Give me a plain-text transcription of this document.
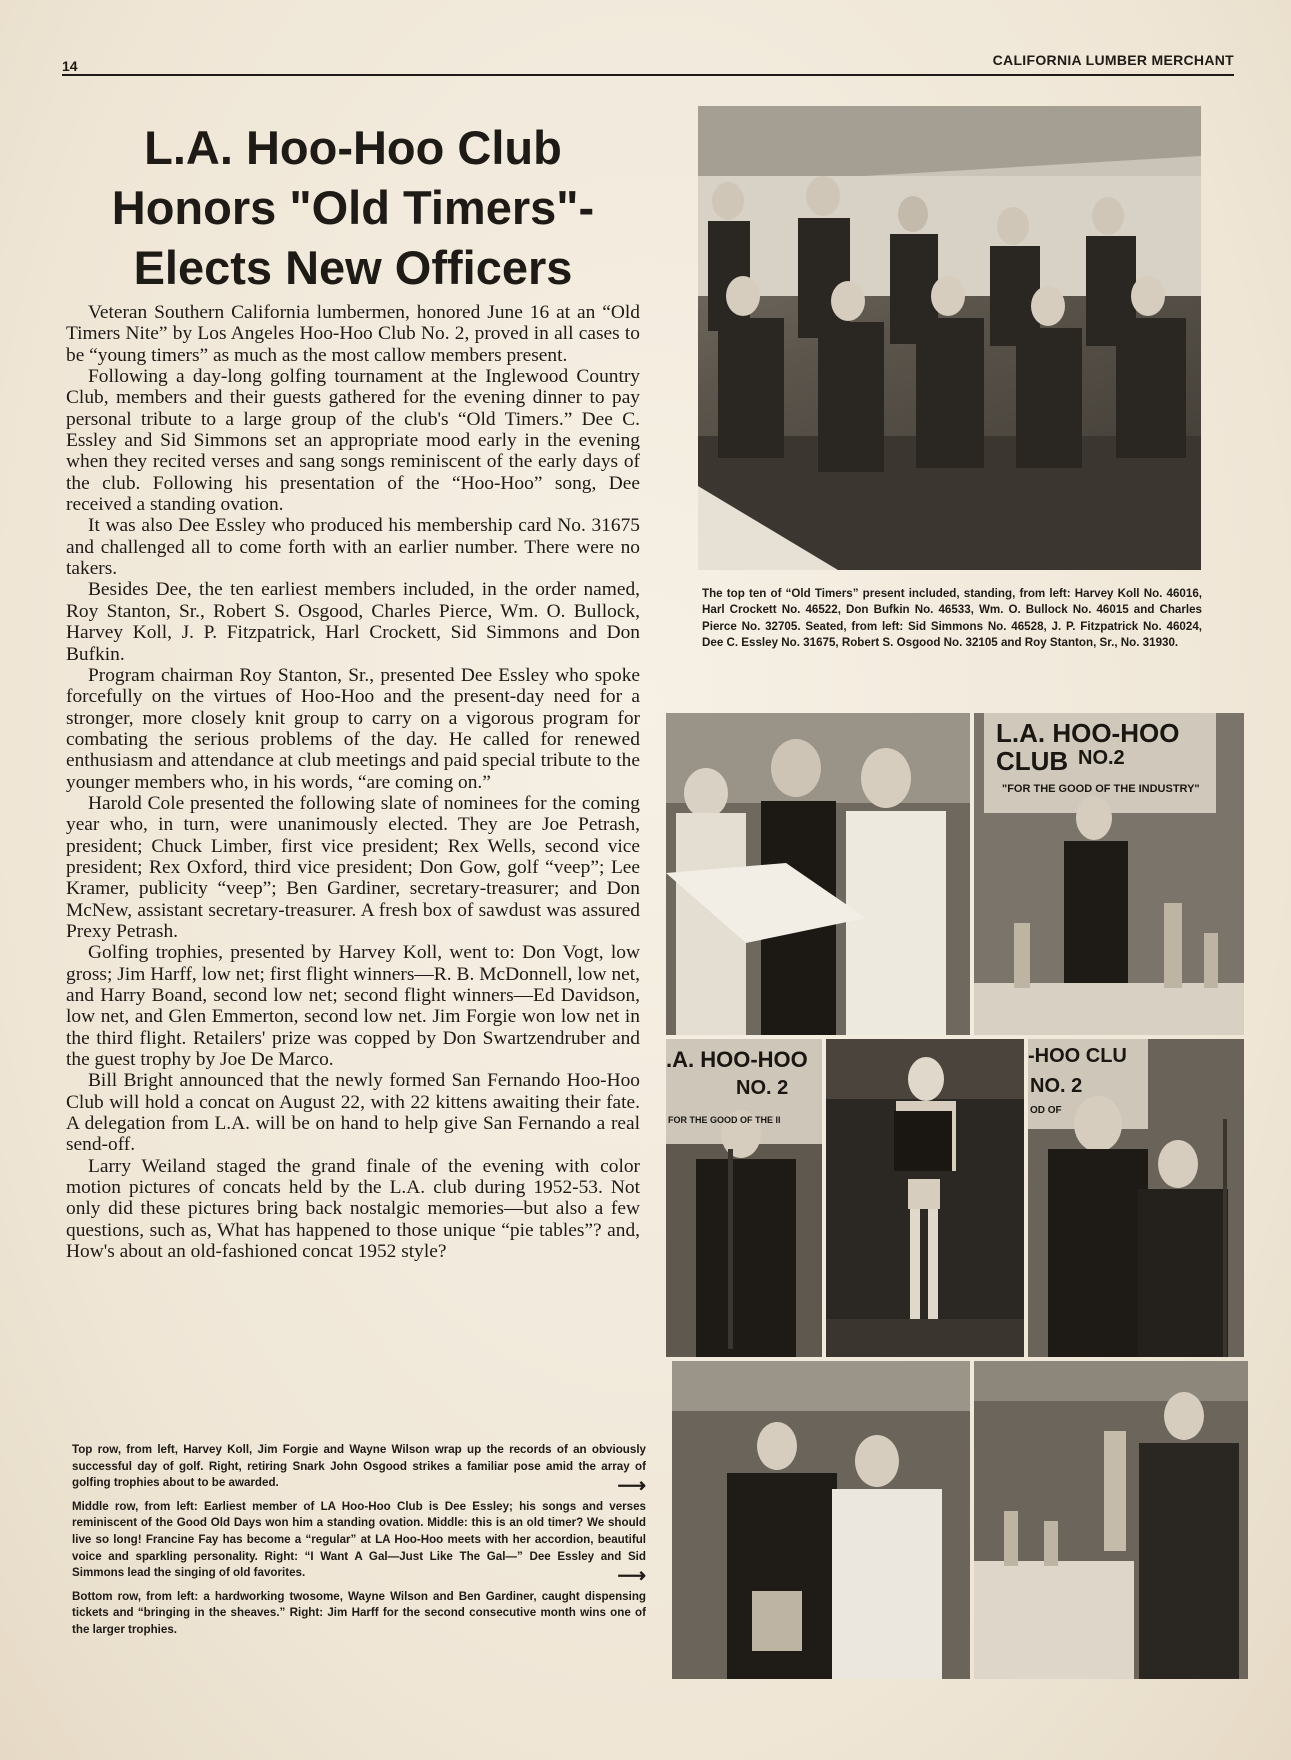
14	CALIFORNIA LUMBER MERCHANT
L.A. Hoo-Hoo Club
Honors "Old Timers"-
Elects New Officers

Veteran Southern California lumbermen, honored June 16 at an “Old Timers Nite” by Los Angeles Hoo-Hoo Club No. 2, proved in all cases to be “young timers” as much as the most callow members present.

Following a day-long golfing tournament at the Inglewood Country Club, members and their guests gathered for the evening dinner to pay personal tribute to a large group of the club's “Old Timers.” Dee C. Essley and Sid Simmons set an appropriate mood early in the evening when they recited verses and sang songs reminiscent of the early days of the club. Following his presentation of the “Hoo-Hoo” song, Dee received a standing ovation.

It was also Dee Essley who produced his membership card No. 31675 and challenged all to come forth with an earlier number. There were no takers.

Besides Dee, the ten earliest members included, in the order named, Roy Stanton, Sr., Robert S. Osgood, Charles Pierce, Wm. O. Bullock, Harvey Koll, J. P. Fitzpatrick, Harl Crockett, Sid Simmons and Don Bufkin.

Program chairman Roy Stanton, Sr., presented Dee Essley who spoke forcefully on the virtues of Hoo-Hoo and the present-day need for a stronger, more closely knit group to carry on a vigorous program for combating the serious problems of the day. He called for renewed enthusiasm and attendance at club meetings and paid special tribute to the younger members who, in his words, “are coming on.”

Harold Cole presented the following slate of nominees for the coming year who, in turn, were unanimously elected. They are Joe Petrash, president; Chuck Limber, first vice president; Rex Wells, second vice president; Rex Oxford, third vice president; Don Gow, golf “veep”; Lee Kramer, publicity “veep”; Ben Gardiner, secretary-treasurer; and Don McNew, assistant secretary-treasurer. A fresh box of sawdust was assured Prexy Petrash.

Golfing trophies, presented by Harvey Koll, went to: Don Vogt, low gross; Jim Harff, low net; first flight winners—R. B. McDonnell, low net, and Harry Boand, second low net; second flight winners—Ed Davidson, low net, and Glen Emmerton, second low net. Jim Forgie won low net in the third flight. Retailers' prize was copped by Don Swartzendruber and the guest trophy by Joe De Marco.

Bill Bright announced that the newly formed San Fernando Hoo-Hoo Club will hold a concat on August 22, with 22 kittens awaiting their fate. A delegation from L.A. will be on hand to help give San Fernando a real send-off.

Larry Weiland staged the grand finale of the evening with color motion pictures of concats held by the L.A. club during 1952-53. Not only did these pictures bring back nostalgic memories—but also a few questions, such as, What has happened to those unique “pie tables”? and, How's about an old-fashioned concat 1952 style?

Top row, from left, Harvey Koll, Jim Forgie and Wayne Wilson wrap up the records of an obviously successful day of golf. Right, retiring Snark John Osgood strikes a familiar pose amid the array of golfing trophies about to be awarded.	⟶

Middle row, from left: Earliest member of LA Hoo-Hoo Club is Dee Essley; his songs and verses reminiscent of the Good Old Days won him a standing ovation. Middle: this is an old timer? We should live so long! Francine Fay has become a “regular” at LA Hoo-Hoo meets with her accordion, beautiful voice and sparkling personality. Right: “I Want A Gal—Just Like The Gal—” Dee Essley and Sid Simmons lead the singing of old favorites.	⟶

Bottom row, from left: a hardworking twosome, Wayne Wilson and Ben Gardiner, caught dispensing tickets and “bringing in the sheaves.” Right: Jim Harff for the second consecutive month wins one of the larger trophies.

The top ten of “Old Timers” present included, standing, from left: Harvey Koll No. 46016, Harl Crockett No. 46522, Don Bufkin No. 46533, Wm. O. Bullock No. 46015 and Charles Pierce No. 32705. Seated, from left: Sid Simmons No. 46528, J. P. Fitzpatrick No. 46024, Dee C. Essley No. 31675, Robert S. Osgood No. 32105 and Roy Stanton, Sr., No. 31930.
L.A. HOO-HOO CLUB NO.2
"FOR THE GOOD OF THE INDUSTRY"
.A. HOO-HOO
NO. 2
FOR THE GOOD OF THE II
-HOO CLU
NO. 2
OD OF
